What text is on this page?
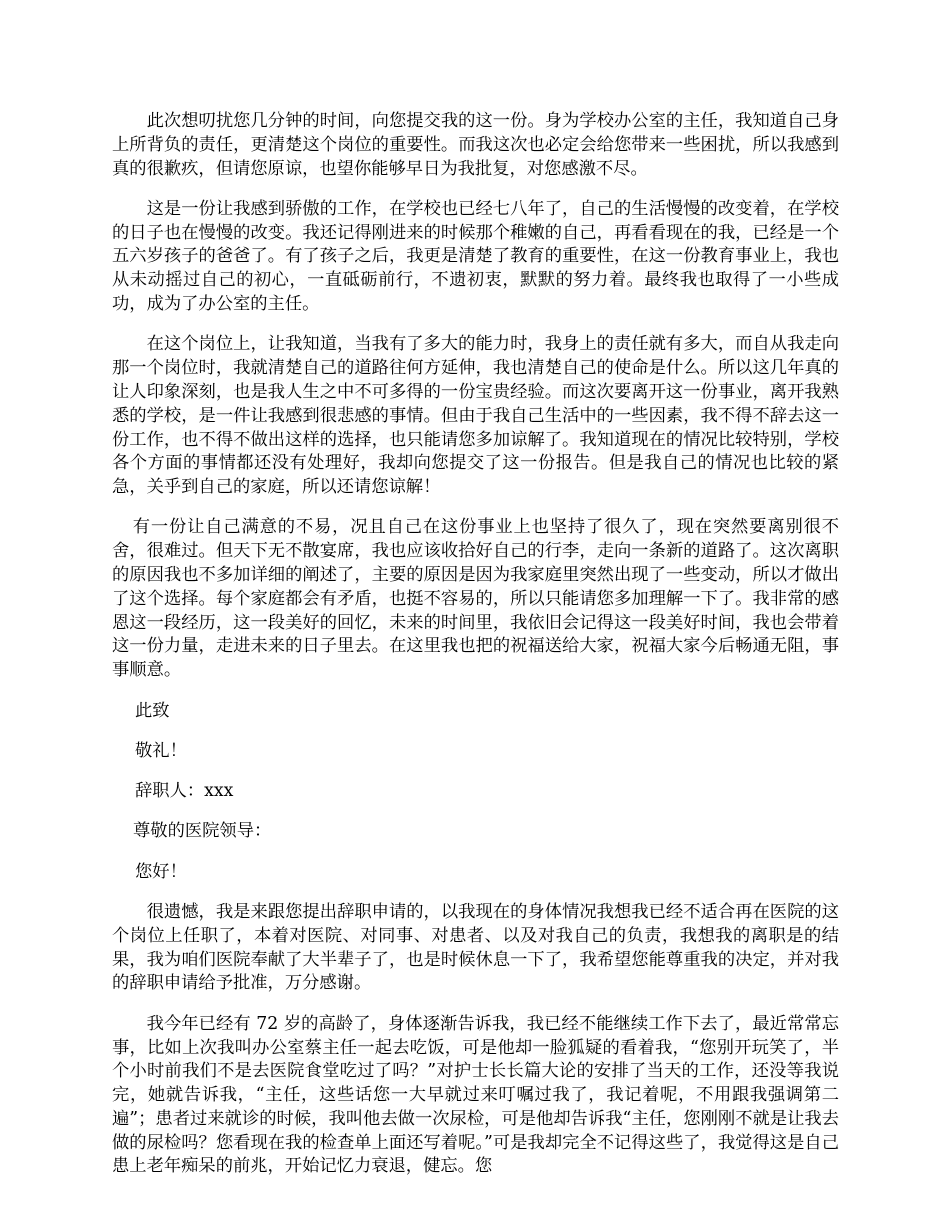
此次想叨扰您几分钟的时间，向您提交我的这一份。身为学校办公室的主任，我知道自己身上所背负的责任，更清楚这个岗位的重要性。而我这次也必定会给您带来一些困扰，所以我感到真的很歉疚，但请您原谅，也望你能够早日为我批复，对您感激不尽。

这是一份让我感到骄傲的工作，在学校也已经七八年了，自己的生活慢慢的改变着，在学校的日子也在慢慢的改变。我还记得刚进来的时候那个稚嫩的自己，再看看现在的我，已经是一个五六岁孩子的爸爸了。有了孩子之后，我更是清楚了教育的重要性，在这一份教育事业上，我也从未动摇过自己的初心，一直砥砺前行，不遗初衷，默默的努力着。最终我也取得了一小些成功，成为了办公室的主任。

在这个岗位上，让我知道，当我有了多大的能力时，我身上的责任就有多大，而自从我走向那一个岗位时，我就清楚自己的道路往何方延伸，我也清楚自己的使命是什么。所以这几年真的让人印象深刻，也是我人生之中不可多得的一份宝贵经验。而这次要离开这一份事业，离开我熟悉的学校，是一件让我感到很悲感的事情。但由于我自己生活中的一些因素，我不得不辞去这一份工作，也不得不做出这样的选择，也只能请您多加谅解了。我知道现在的情况比较特别，学校各个方面的事情都还没有处理好，我却向您提交了这一份报告。但是我自己的情况也比较的紧急，关乎到自己的家庭，所以还请您谅解！

有一份让自己满意的不易，况且自己在这份事业上也坚持了很久了，现在突然要离别很不舍，很难过。但天下无不散宴席，我也应该收拾好自己的行李，走向一条新的道路了。这次离职的原因我也不多加详细的阐述了，主要的原因是因为我家庭里突然出现了一些变动，所以才做出了这个选择。每个家庭都会有矛盾，也挺不容易的，所以只能请您多加理解一下了。我非常的感恩这一段经历，这一段美好的回忆，未来的时间里，我依旧会记得这一段美好时间，我也会带着这一份力量，走进未来的日子里去。在这里我也把的祝福送给大家，祝福大家今后畅通无阻，事事顺意。

此致

敬礼！

辞职人：xxx

尊敬的医院领导：

您好！

很遗憾，我是来跟您提出辞职申请的，以我现在的身体情况我想我已经不适合再在医院的这个岗位上任职了，本着对医院、对同事、对患者、以及对我自己的负责，我想我的离职是的结果，我为咱们医院奉献了大半辈子了，也是时候休息一下了，我希望您能尊重我的决定，并对我的辞职申请给予批准，万分感谢。

我今年已经有 72 岁的高龄了，身体逐渐告诉我，我已经不能继续工作下去了，最近常常忘事，比如上次我叫办公室蔡主任一起去吃饭，可是他却一脸狐疑的看着我，“您别开玩笑了，半个小时前我们不是去医院食堂吃过了吗？”对护士长长篇大论的安排了当天的工作，还没等我说完，她就告诉我，“主任，这些话您一大早就过来叮嘱过我了，我记着呢，不用跟我强调第二遍”；患者过来就诊的时候，我叫他去做一次尿检，可是他却告诉我“主任，您刚刚不就是让我去做的尿检吗？您看现在我的检查单上面还写着呢。”可是我却完全不记得这些了，我觉得这是自己患上老年痴呆的前兆，开始记忆力衰退，健忘。您
